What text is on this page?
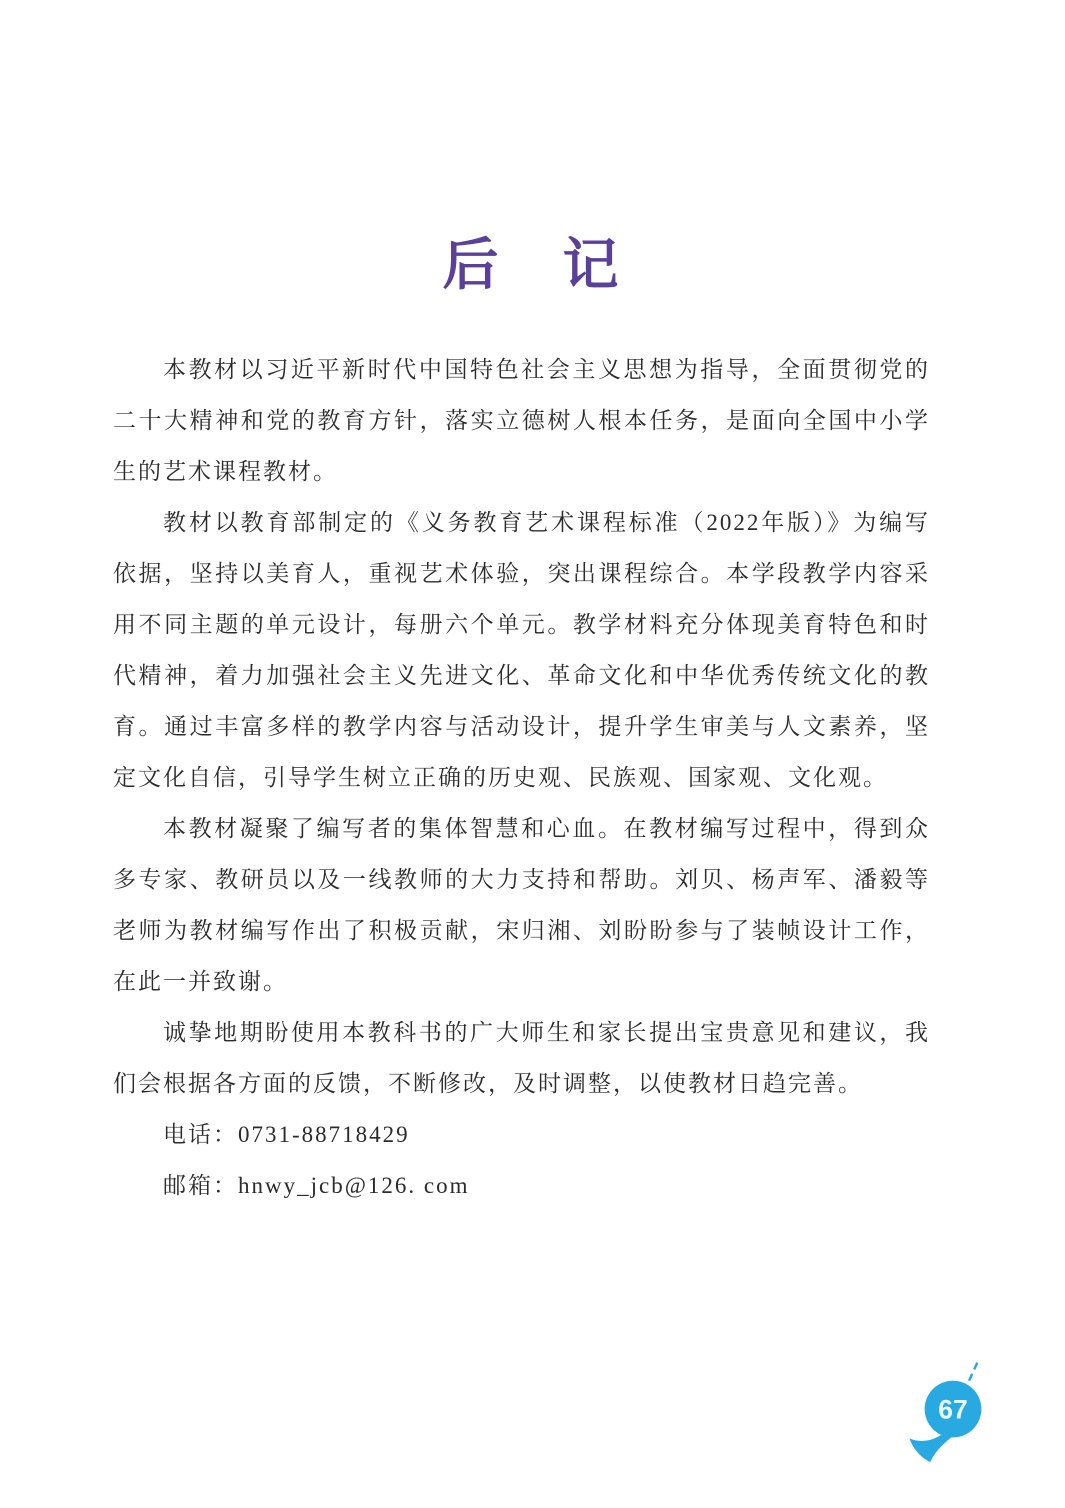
后　记

本教材以习近平新时代中国特色社会主义思想为指导，全面贯彻党的二十大精神和党的教育方针，落实立德树人根本任务，是面向全国中小学生的艺术课程教材。

教材以教育部制定的《义务教育艺术课程标准（2022年版）》为编写依据，坚持以美育人，重视艺术体验，突出课程综合。本学段教学内容采用不同主题的单元设计，每册六个单元。教学材料充分体现美育特色和时代精神，着力加强社会主义先进文化、革命文化和中华优秀传统文化的教育。通过丰富多样的教学内容与活动设计，提升学生审美与人文素养，坚定文化自信，引导学生树立正确的历史观、民族观、国家观、文化观。

本教材凝聚了编写者的集体智慧和心血。在教材编写过程中，得到众多专家、教研员以及一线教师的大力支持和帮助。刘贝、杨声军、潘毅等老师为教材编写作出了积极贡献，宋归湘、刘盼盼参与了装帧设计工作，在此一并致谢。

诚挚地期盼使用本教科书的广大师生和家长提出宝贵意见和建议，我们会根据各方面的反馈，不断修改，及时调整，以使教材日趋完善。

电话：0731-88718429

邮箱：hnwy_jcb@126. com

67
